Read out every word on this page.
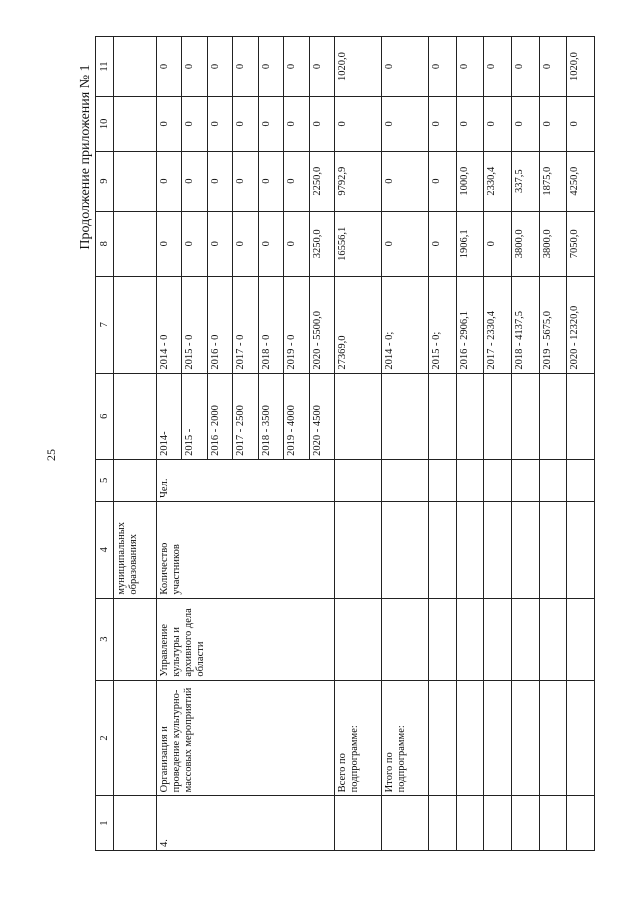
25
Продолжение приложения № 1
1	2	3	4	5	6	7	8	9	10	11
			муниципальных образованиях							
4.	Организация и проведение культурно-массовых мероприятий	Управление культуры и архивного дела области	Количество участников	Чел.	2014-	2014 - 0	0	0	0	0
					2015 -	2015 - 0	0	0	0	0
					2016 - 2000	2016 - 0	0	0	0	0
					2017 - 2500	2017 - 0	0	0	0	0
					2018 - 3500	2018 - 0	0	0	0	0
					2019 - 4000	2019 - 0	0	0	0	0
					2020 - 4500	2020 - 5500,0	3250,0	2250,0	0	0
	Всего по подпрограмме:					27369,0	16556,1	9792,9	0	1020,0
	Итого по подпрограмме:					2014 - 0;	0	0	0	0
						2015 - 0;	0	0	0	0
						2016 - 2906,1	1906,1	1000,0	0	0
						2017 - 2330,4	0	2330,4	0	0
						2018 - 4137,5	3800,0	337,5	0	0
						2019 - 5675,0	3800,0	1875,0	0	0
						2020 - 12320,0	7050,0	4250,0	0	1020,0
